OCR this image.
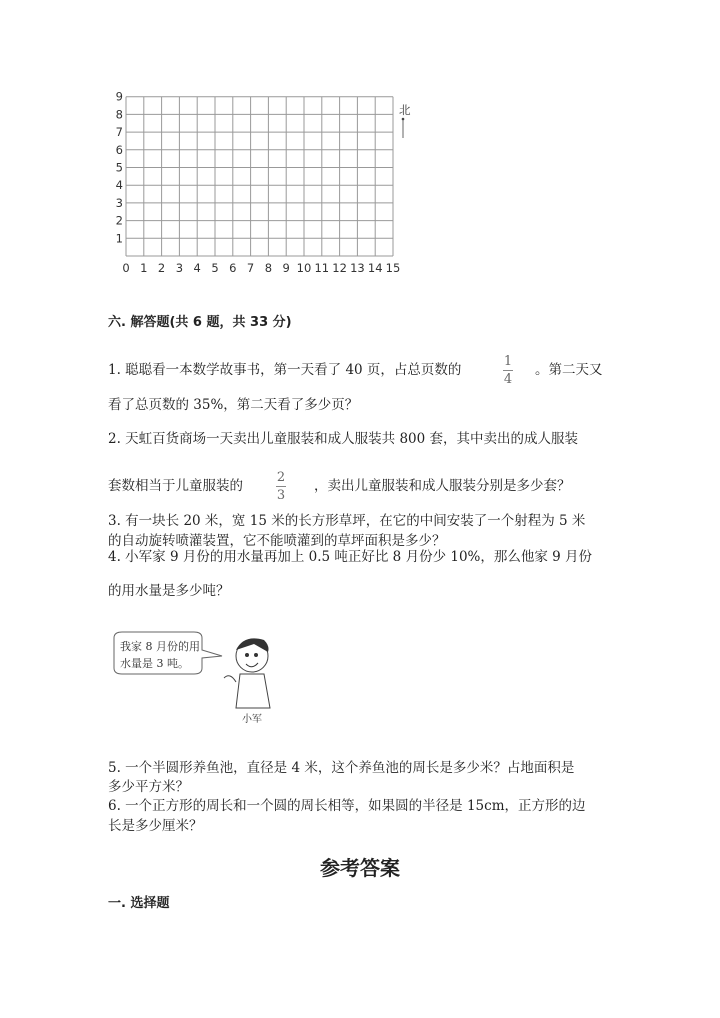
0 1 2 3 4 5 6 7 8 9 10 11 12 13 14 15
1
2
3
4
5
6
7
8
9
北
六. 解答题(共 6 题，共 33 分)
1. 聪聪看一本数学故事书，第一天看了 40 页，占总页数的
1
4
。第二天又
看了总页数的 35%，第二天看了多少页？
2. 天虹百货商场一天卖出儿童服装和成人服装共 800 套，其中卖出的成人服装
套数相当于儿童服装的
2
3
，卖出儿童服装和成人服装分别是多少套？
3. 有一块长 20 米，宽 15 米的长方形草坪，在它的中间安装了一个射程为 5 米
的自动旋转喷灌装置，它不能喷灌到的草坪面积是多少？
4. 小军家 9 月份的用水量再加上 0.5 吨正好比 8 月份少 10%，那么他家 9 月份
的用水量是多少吨？
我家 8 月份的用
水量是 3 吨。
小军
5. 一个半圆形养鱼池，直径是 4 米，这个养鱼池的周长是多少米？占地面积是
多少平方米？
6. 一个正方形的周长和一个圆的周长相等，如果圆的半径是 15cm，正方形的边
长是多少厘米？
参考答案
一. 选择题
